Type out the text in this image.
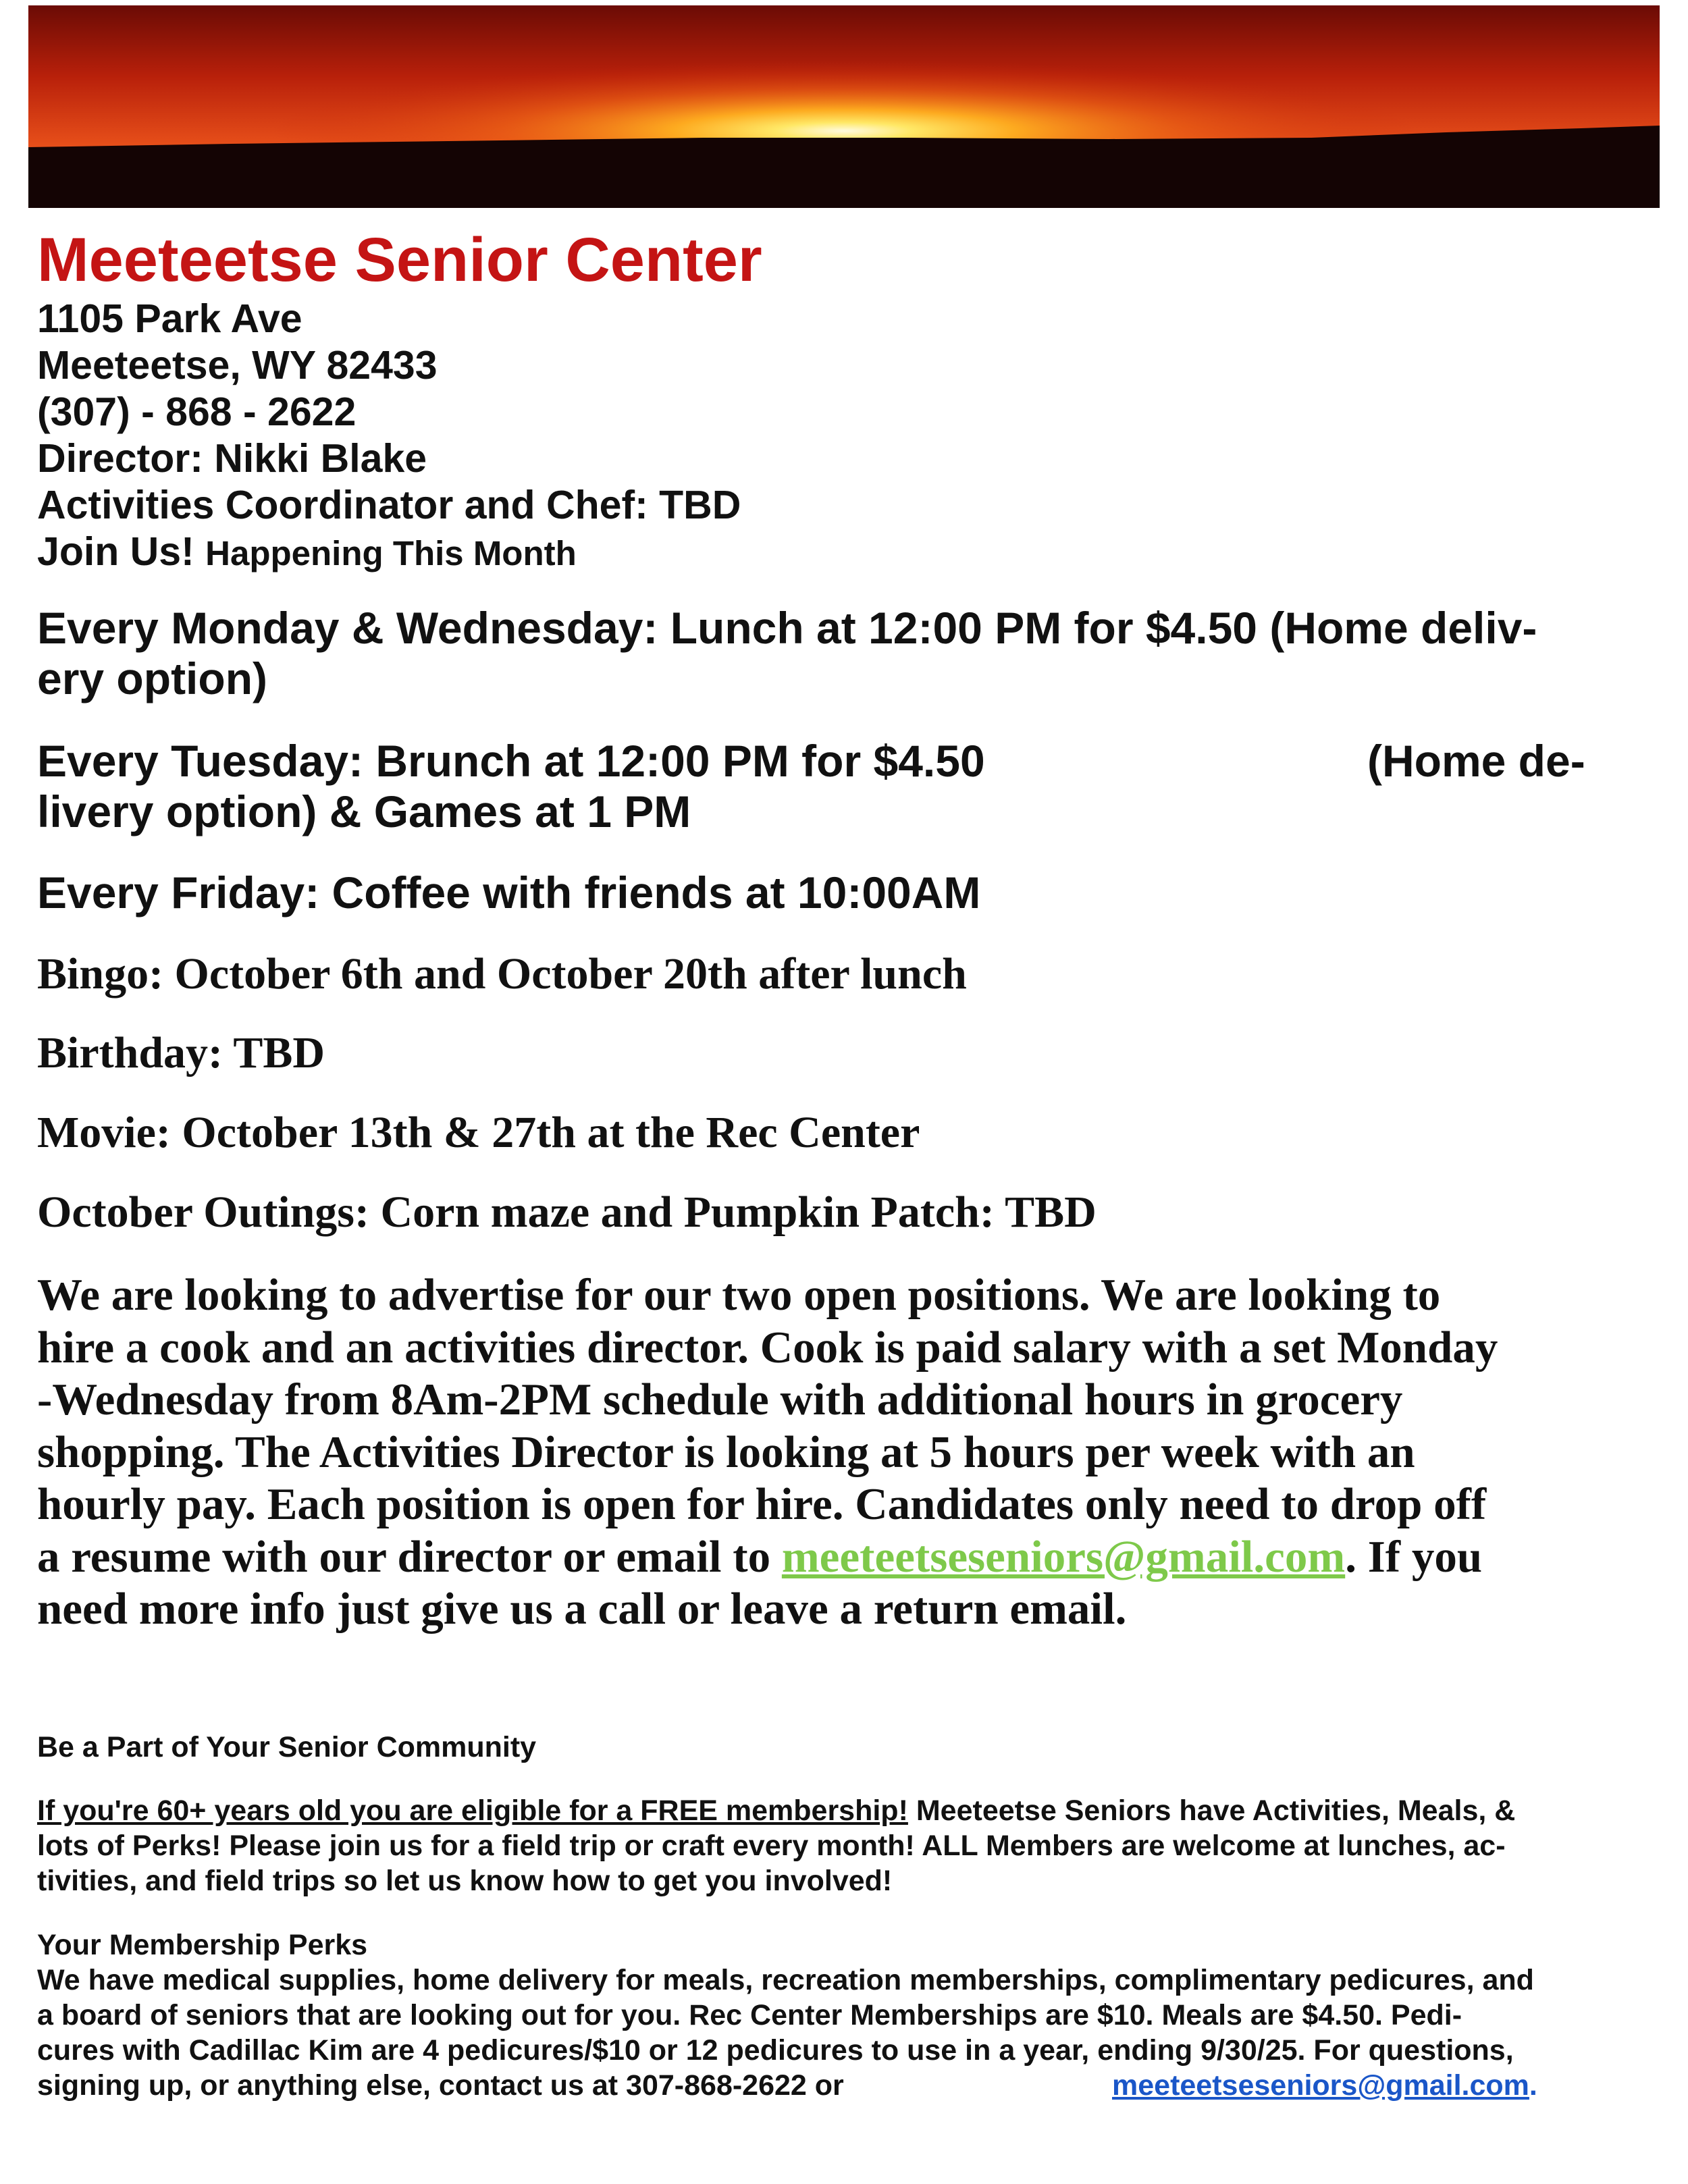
Meeteetse Senior Center
1105 Park Ave
Meeteetse, WY 82433
(307) - 868 - 2622
Director: Nikki Blake
Activities Coordinator and Chef: TBD
Join Us! Happening This Month
Every Monday & Wednesday: Lunch at 12:00 PM for $4.50 (Home deliv-
ery option)
Every Tuesday: Brunch at 12:00 PM for $4.50	(Home de-
livery option) & Games at 1 PM
Every Friday: Coffee with friends at 10:00AM
Bingo: October 6th and October 20th after lunch
Birthday: TBD
Movie: October 13th & 27th at the Rec Center
October Outings: Corn maze and Pumpkin Patch: TBD
We are looking to advertise for our two open positions. We are looking to
hire a cook and an activities director. Cook is paid salary with a set Monday
-Wednesday from 8Am-2PM schedule with additional hours in grocery
shopping. The Activities Director is looking at 5 hours per week with an
hourly pay. Each position is open for hire. Candidates only need to drop off
a resume with our director or email to meeteetseseniors@gmail.com. If you
need more info just give us a call or leave a return email.
Be a Part of Your Senior Community
If you're 60+ years old you are eligible for a FREE membership! Meeteetse Seniors have Activities, Meals, &
lots of Perks! Please join us for a field trip or craft every month! ALL Members are welcome at lunches, ac-
tivities, and field trips so let us know how to get you involved!
Your Membership Perks
We have medical supplies, home delivery for meals, recreation memberships, complimentary pedicures, and
a board of seniors that are looking out for you. Rec Center Memberships are $10. Meals are $4.50. Pedi-
cures with Cadillac Kim are 4 pedicures/$10 or 12 pedicures to use in a year, ending 9/30/25. For questions,
signing up, or anything else, contact us at 307-868-2622 or	meeteetseseniors@gmail.com.
